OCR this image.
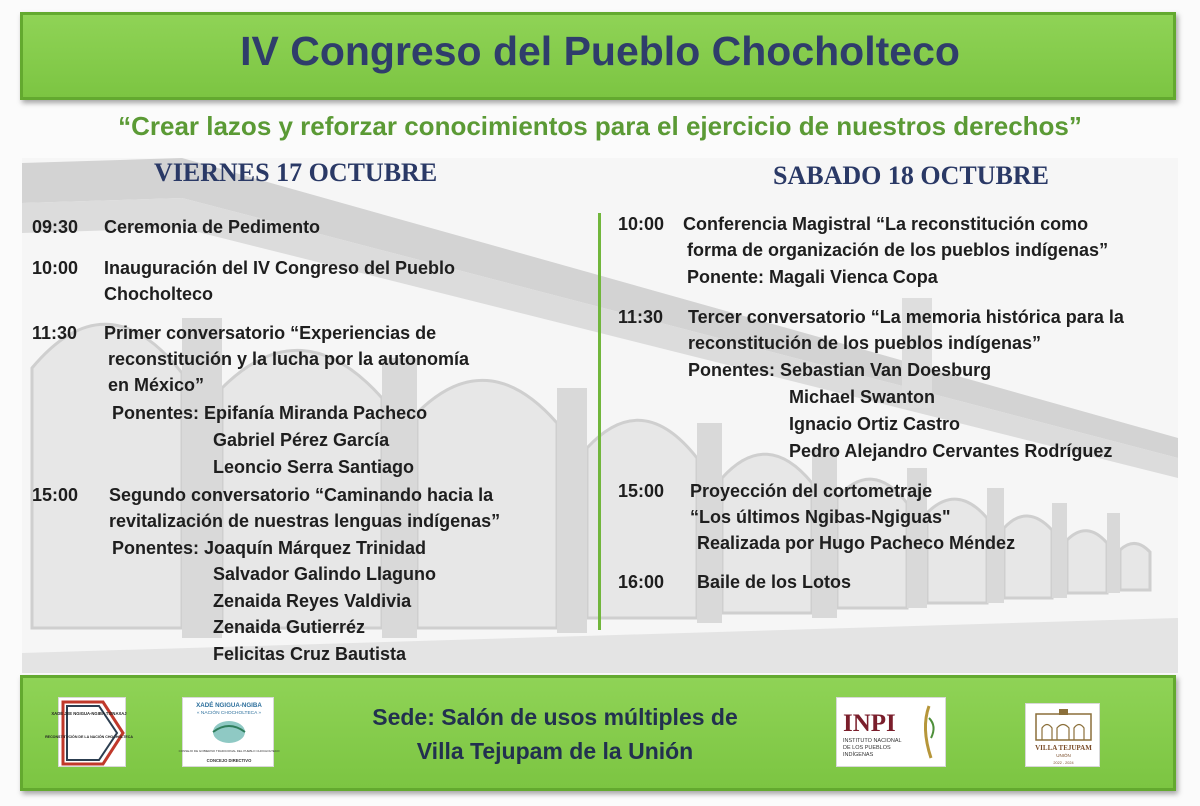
IV Congreso del Pueblo Chocholteco
“Crear lazos y reforzar conocimientos para el ejercicio de nuestros derechos”
VIERNES 17 OCTUBRE	SABADO 18 OCTUBRE
09:30 Ceremonia de Pedimento
10:00 Inauguración del IV Congreso del Pueblo
Chocholteco
11:30 Primer conversatorio “Experiencias de
reconstitución y la lucha por la autonomía
en México”
Ponentes: Epifanía Miranda Pacheco
Gabriel Pérez García
Leoncio Serra Santiago
15:00 Segundo conversatorio “Caminando hacia la
revitalización de nuestras lenguas indígenas”
Ponentes: Joaquín Márquez Trinidad
Salvador Galindo Llaguno
Zenaida Reyes Valdivia
Zenaida Gutierréz
Felicitas Cruz Bautista
10:00 Conferencia Magistral “La reconstitución como
forma de organización de los pueblos indígenas”
Ponente: Magali Vienca Copa
11:30 Tercer conversatorio “La memoria histórica para la
reconstitución de los pueblos indígenas”
Ponentes: Sebastian Van Doesburg
Michael Swanton
Ignacio Ortiz Castro
Pedro Alejandro Cervantes Rodríguez
15:00 Proyección del cortometraje
“Los últimos Ngibas-Ngiguas"
Realizada por Hugo Pacheco Méndez
16:00 Baile de los Lotos
XADÉ JEE NGIGUA-NGIBA TSINAXAJ
RECONSTITUCIÓN DE LA NACIÓN CHOCHOLTECA
XADÉ NGIGUA-NGIBA
« NACIÓN CHOCHOLTECA »
CONSEJO DE GOBIERNO TRADICIONAL DEL PUEBLO CHOCHOLTECO
CONCEJO DIRECTIVO
Sede: Salón de usos múltiples de
Villa Tejupam de la Unión
INPI
INSTITUTO NACIONAL
DE LOS PUEBLOS
INDÍGENAS
VILLA TEJUPAM
UNIÓN
2022 - 2024
